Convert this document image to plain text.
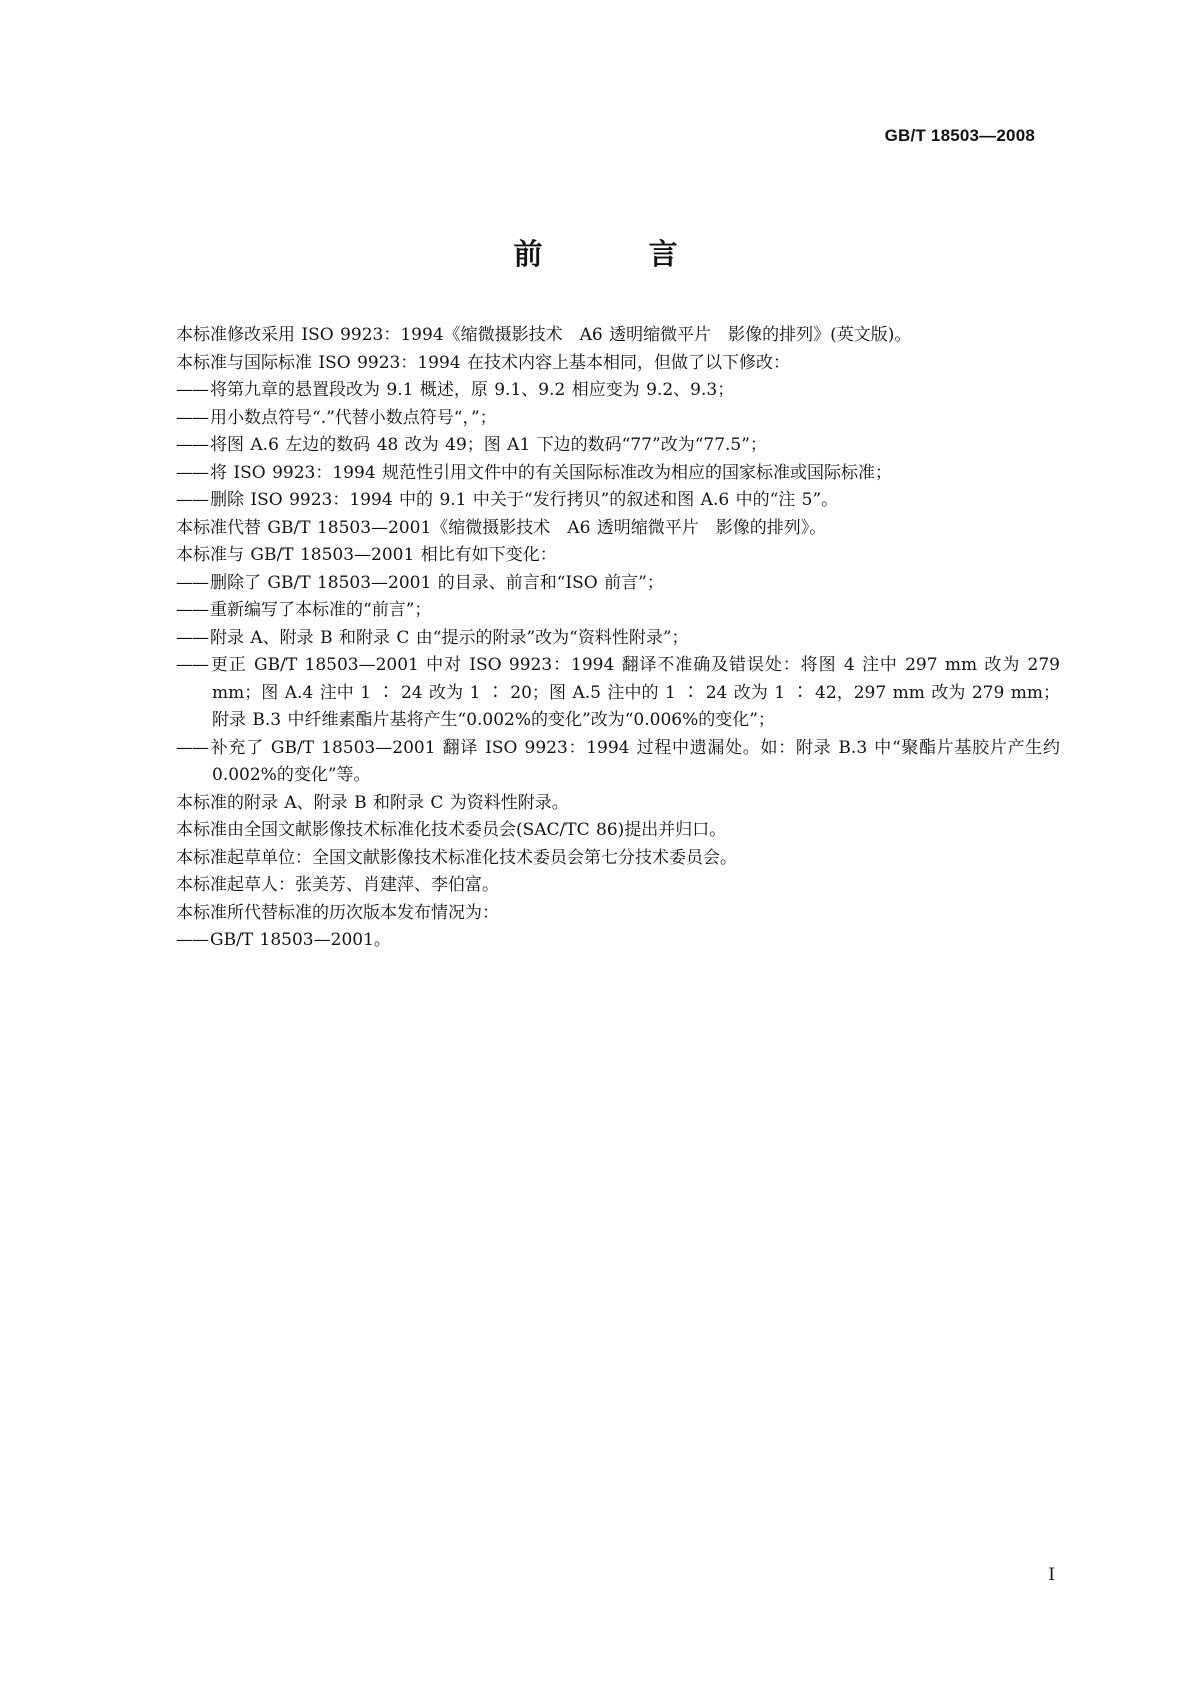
GB/T 18503—2008
前 言
本标准修改采用 ISO 9923：1994《缩微摄影技术　A6 透明缩微平片　影像的排列》(英文版)。
本标准与国际标准 ISO 9923：1994 在技术内容上基本相同，但做了以下修改：
—— 将第九章的悬置段改为 9.1 概述，原 9.1、9.2 相应变为 9.2、9.3；
—— 用小数点符号“.”代替小数点符号“，”；
—— 将图 A.6 左边的数码 48 改为 49；图 A1 下边的数码“77”改为“77.5”；
—— 将 ISO 9923：1994 规范性引用文件中的有关国际标准改为相应的国家标准或国际标准；
—— 删除 ISO 9923：1994 中的 9.1 中关于“发行拷贝”的叙述和图 A.6 中的“注 5”。
本标准代替 GB/T 18503—2001《缩微摄影技术　A6 透明缩微平片　影像的排列》。
本标准与 GB/T 18503—2001 相比有如下变化：
—— 删除了 GB/T 18503—2001 的目录、前言和“ISO 前言”；
—— 重新编写了本标准的“前言”；
—— 附录 A、附录 B 和附录 C 由“提示的附录”改为“资料性附录”；
—— 更正 GB/T 18503—2001 中对 ISO 9923：1994 翻译不准确及错误处：将图 4 注中 297 mm 改为 279 mm；图 A.4 注中 1 ∶ 24 改为 1 ∶ 20；图 A.5 注中的 1 ∶ 24 改为 1 ∶ 42，297 mm 改为 279 mm；附录 B.3 中纤维素酯片基将产生“0.002%的变化”改为“0.006%的变化”；
—— 补充了 GB/T 18503—2001 翻译 ISO 9923：1994 过程中遗漏处。如：附录 B.3 中“聚酯片基胶片产生约 0.002%的变化”等。
本标准的附录 A、附录 B 和附录 C 为资料性附录。
本标准由全国文献影像技术标准化技术委员会(SAC/TC 86)提出并归口。
本标准起草单位：全国文献影像技术标准化技术委员会第七分技术委员会。
本标准起草人：张美芳、肖建萍、李伯富。
本标准所代替标准的历次版本发布情况为：
—— GB/T 18503—2001。
I
